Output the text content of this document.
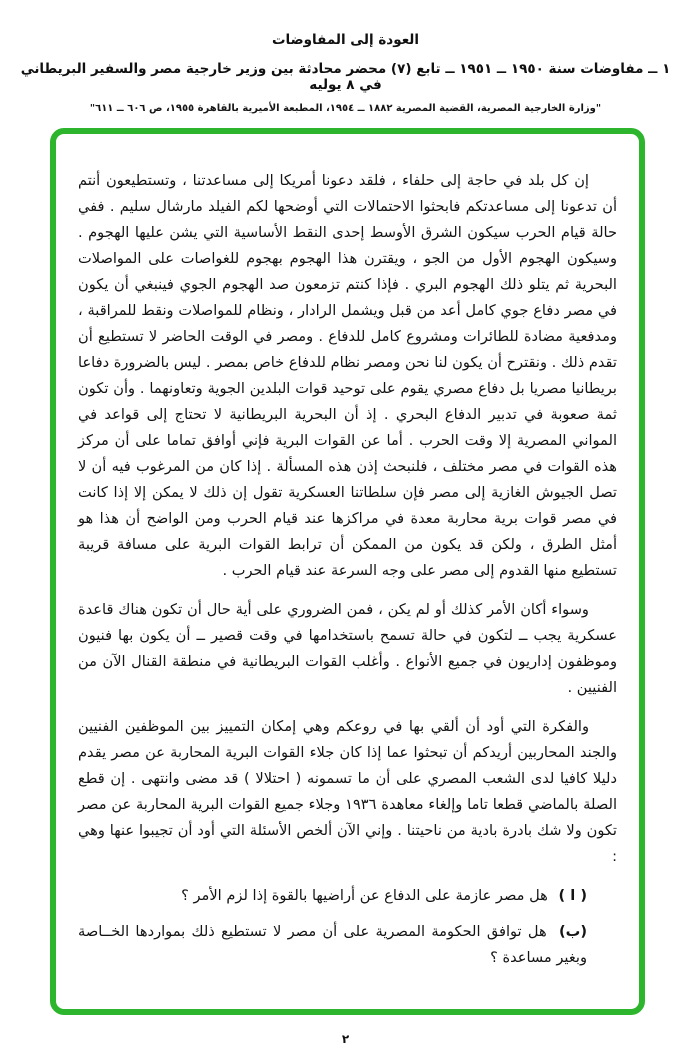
العودة إلى المفاوضات
١ ــ مفاوضات سنة ١٩٥٠ ــ ١٩٥١ ــ تابع (٧) محضر محادثة بين وزير خارجية مصر والسفير البريطاني في ٨ يوليه
"وزارة الخارجية المصرية، القضية المصرية ١٨٨٢ ــ ١٩٥٤، المطبعة الأميرية بالقاهرة ١٩٥٥، ص ٦٠٦ ــ ٦١١"

إن كل بلد في حاجة إلى حلفاء ، فلقد دعونا أمريكا إلى مساعدتنا ، وتستطيعون أنتم أن تدعونا إلى مساعدتكم فابحثوا الاحتمالات التي أوضحها لكم الفيلد مارشال سليم . ففي حالة قيام الحرب سيكون الشرق الأوسط إحدى النقط الأساسية التي يشن عليها الهجوم . وسيكون الهجوم الأول من الجو ، ويقترن هذا الهجوم بهجوم للغواصات على المواصلات البحرية ثم يتلو ذلك الهجوم البري . فإذا كنتم تزمعون صد الهجوم الجوي فينبغي أن يكون في مصر دفاع جوي كامل أعد من قبل ويشمل الرادار ، ونظام للمواصلات ونقط للمراقبة ، ومدفعية مضادة للطائرات ومشروع كامل للدفاع . ومصر في الوقت الحاضر لا تستطيع أن تقدم ذلك . ونقترح أن يكون لنا نحن ومصر نظام للدفاع خاص بمصر . ليس بالضرورة دفاعا بريطانيا مصريا بل دفاع مصري يقوم على توحيد قوات البلدين الجوية وتعاونهما . وأن تكون ثمة صعوبة في تدبير الدفاع البحري . إذ أن البحرية البريطانية لا تحتاج إلى قواعد في المواني المصرية إلا وقت الحرب . أما عن القوات البرية فإني أوافق تماما على أن مركز هذه القوات في مصر مختلف ، فلنبحث إذن هذه المسألة . إذا كان من المرغوب فيه أن لا تصل الجيوش الغازية إلى مصر فإن سلطاتنا العسكرية تقول إن ذلك لا يمكن إلا إذا كانت في مصر قوات برية محاربة معدة في مراكزها عند قيام الحرب ومن الواضح أن هذا هو أمثل الطرق ، ولكن قد يكون من الممكن أن ترابط القوات البرية على مسافة قريبة تستطيع منها القدوم إلى مصر على وجه السرعة عند قيام الحرب .

وسواء أكان الأمر كذلك أو لم يكن ، فمن الضروري على أية حال أن تكون هناك قاعدة عسكرية يجب ــ لتكون في حالة تسمح باستخدامها في وقت قصير ــ أن يكون بها فنيون وموظفون إداريون في جميع الأنواع . وأغلب القوات البريطانية في منطقة القنال الآن من الفنيين .

والفكرة التي أود أن ألقي بها في روعكم وهي إمكان التمييز بين الموظفين الفنيين والجند المحاربين أريدكم أن تبحثوا عما إذا كان جلاء القوات البرية المحاربة عن مصر يقدم دليلا كافيا لدى الشعب المصري على أن ما تسمونه ( احتلالا ) قد مضى وانتهى . إن قطع الصلة بالماضي قطعا تاما وإلغاء معاهدة ١٩٣٦ وجلاء جميع القوات البرية المحاربة عن مصر تكون ولا شك بادرة بادية من ناحيتنا . وإني الآن ألخص الأسئلة التي أود أن تجيبوا عنها وهي :

( ا ) هل مصر عازمة على الدفاع عن أراضيها بالقوة إذا لزم الأمر ؟
(ب) هل توافق الحكومة المصرية على أن مصر لا تستطيع ذلك بمواردها الخــاصة وبغير مساعدة ؟
٢
